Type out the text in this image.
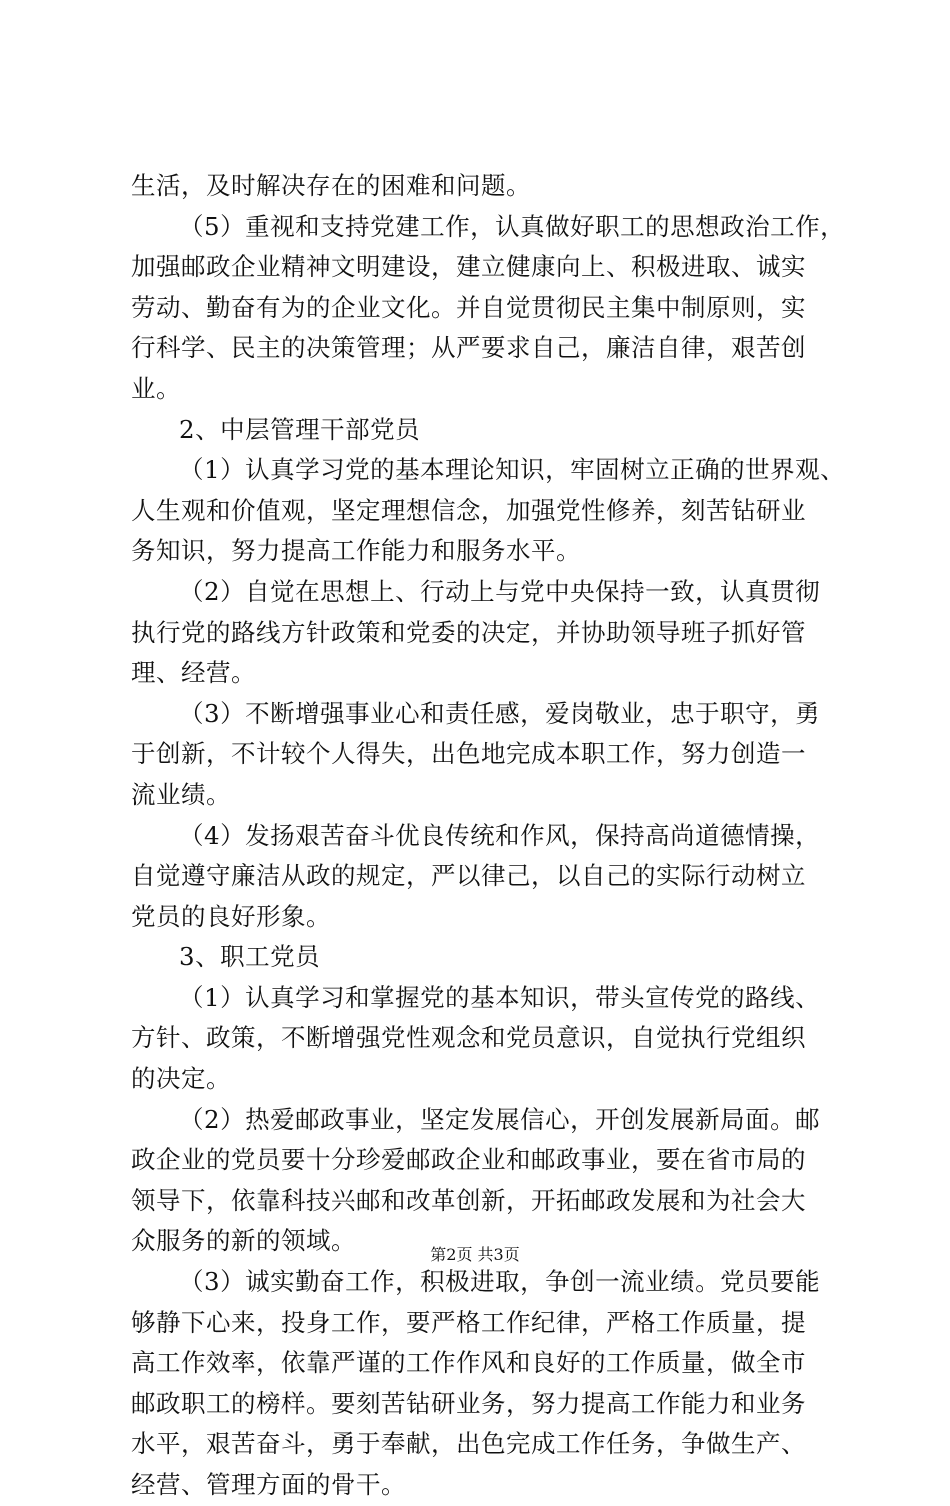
生活，及时解决存在的困难和问题。
（5）重视和支持党建工作，认真做好职工的思想政治工作，
加强邮政企业精神文明建设，建立健康向上、积极进取、诚实
劳动、勤奋有为的企业文化。并自觉贯彻民主集中制原则，实
行科学、民主的决策管理；从严要求自己，廉洁自律，艰苦创
业。
2、中层管理干部党员
（1）认真学习党的基本理论知识，牢固树立正确的世界观、
人生观和价值观，坚定理想信念，加强党性修养，刻苦钻研业
务知识，努力提高工作能力和服务水平。
（2）自觉在思想上、行动上与党中央保持一致，认真贯彻
执行党的路线方针政策和党委的决定，并协助领导班子抓好管
理、经营。
（3）不断增强事业心和责任感，爱岗敬业，忠于职守，勇
于创新，不计较个人得失，出色地完成本职工作，努力创造一
流业绩。
（4）发扬艰苦奋斗优良传统和作风，保持高尚道德情操，
自觉遵守廉洁从政的规定，严以律己，以自己的实际行动树立
党员的良好形象。
3、职工党员
（1）认真学习和掌握党的基本知识，带头宣传党的路线、
方针、政策，不断增强党性观念和党员意识，自觉执行党组织
的决定。
（2）热爱邮政事业，坚定发展信心，开创发展新局面。邮
政企业的党员要十分珍爱邮政企业和邮政事业，要在省市局的
领导下，依靠科技兴邮和改革创新，开拓邮政发展和为社会大
众服务的新的领域。
（3）诚实勤奋工作，积极进取，争创一流业绩。党员要能
够静下心来，投身工作，要严格工作纪律，严格工作质量，提
高工作效率，依靠严谨的工作作风和良好的工作质量，做全市
邮政职工的榜样。要刻苦钻研业务，努力提高工作能力和业务
水平，艰苦奋斗，勇于奉献，出色完成工作任务，争做生产、
经营、管理方面的骨干。
第2页 共3页
